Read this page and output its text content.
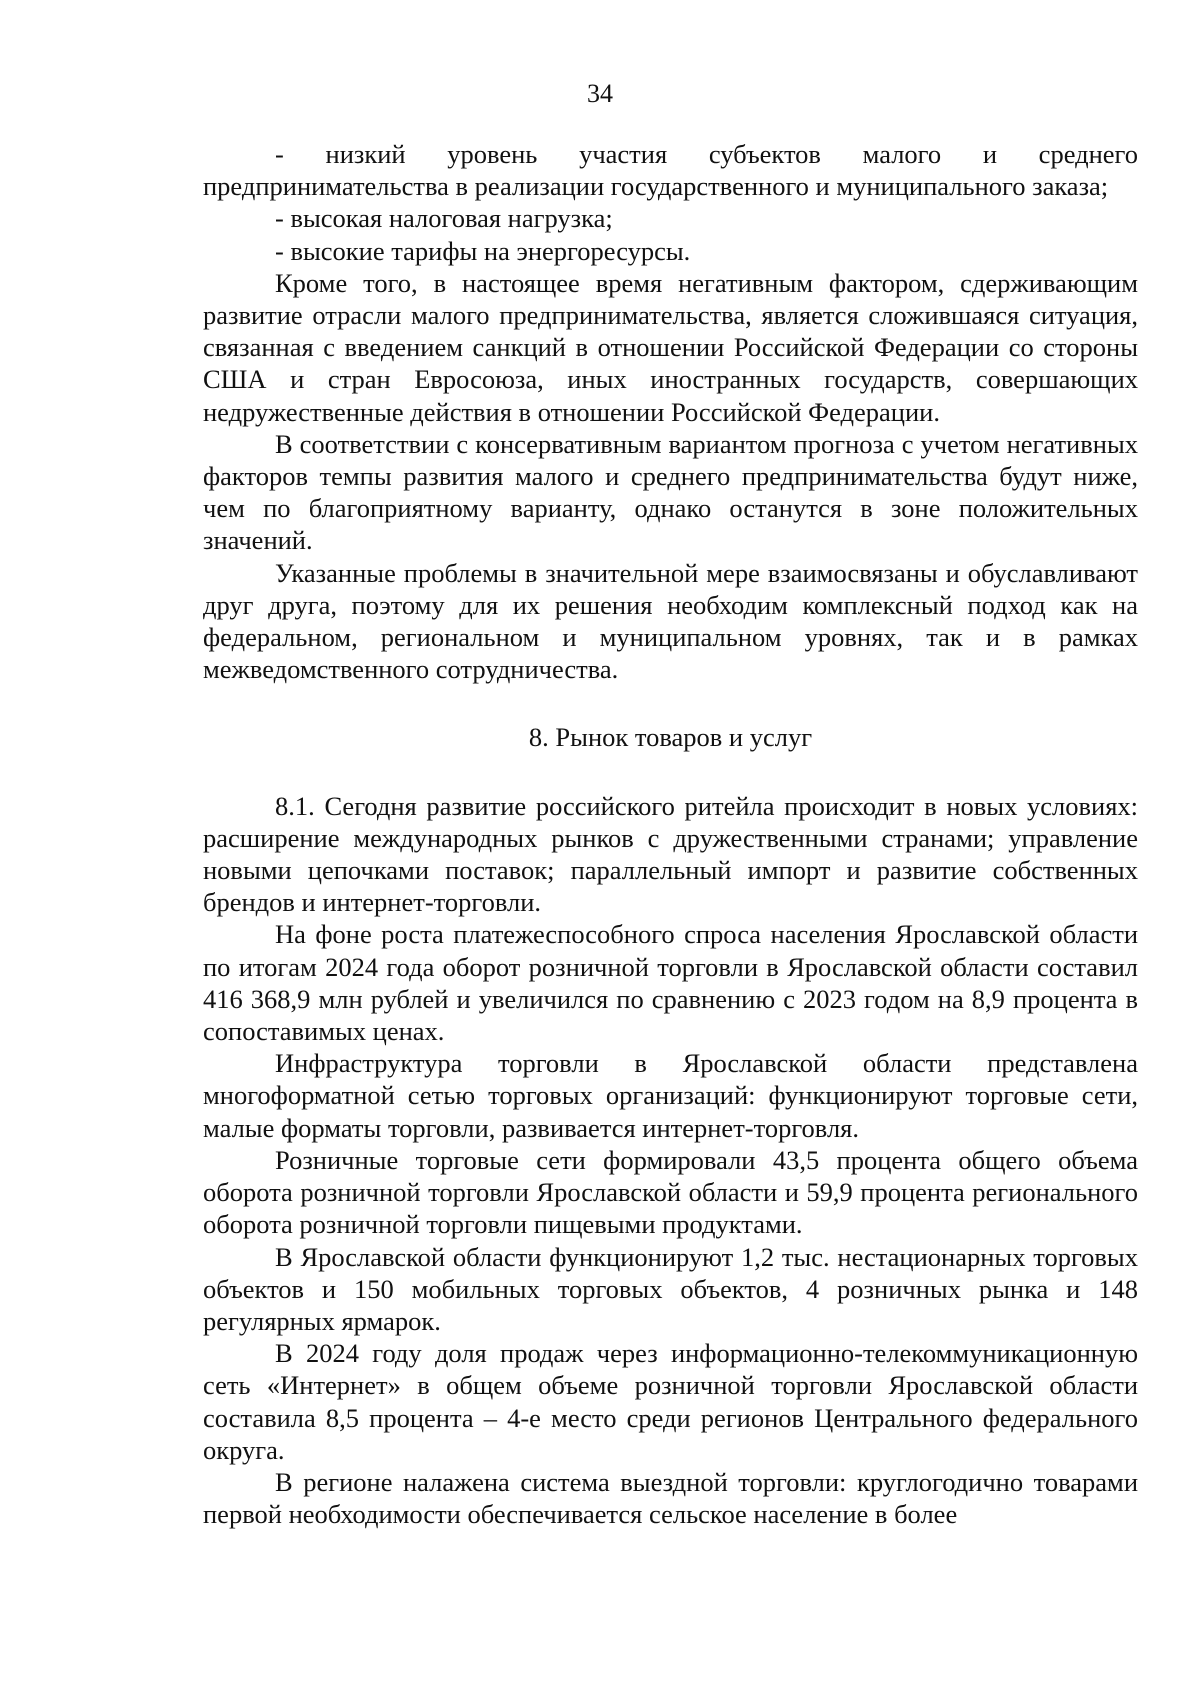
34

- низкий уровень участия субъектов малого и среднего предпринимательства в реализации государственного и муниципального заказа;

- высокая налоговая нагрузка;

- высокие тарифы на энергоресурсы.

Кроме того, в настоящее время негативным фактором, сдерживающим развитие отрасли малого предпринимательства, является сложившаяся ситуация, связанная с введением санкций в отношении Российской Федерации со стороны США и стран Евросоюза, иных иностранных государств, совершающих недружественные действия в отношении Российской Федерации.

В соответствии с консервативным вариантом прогноза с учетом негативных факторов темпы развития малого и среднего предпринимательства будут ниже, чем по благоприятному варианту, однако останутся в зоне положительных значений.

Указанные проблемы в значительной мере взаимосвязаны и обуславливают друг друга, поэтому для их решения необходим комплексный подход как на федеральном, региональном и муниципальном уровнях, так и в рамках межведомственного сотрудничества.

8. Рынок товаров и услуг

8.1. Сегодня развитие российского ритейла происходит в новых условиях: расширение международных рынков с дружественными странами; управление новыми цепочками поставок; параллельный импорт и развитие собственных брендов и интернет-торговли.

На фоне роста платежеспособного спроса населения Ярославской области по итогам 2024 года оборот розничной торговли в Ярославской области составил 416 368,9 млн рублей и увеличился по сравнению с 2023 годом на 8,9 процента в сопоставимых ценах.

Инфраструктура торговли в Ярославской области представлена многоформатной сетью торговых организаций: функционируют торговые сети, малые форматы торговли, развивается интернет-торговля.

Розничные торговые сети формировали 43,5 процента общего объема оборота розничной торговли Ярославской области и 59,9 процента регионального оборота розничной торговли пищевыми продуктами.

В Ярославской области функционируют 1,2 тыс. нестационарных торговых объектов и 150 мобильных торговых объектов, 4 розничных рынка и 148 регулярных ярмарок.

В 2024 году доля продаж через информационно-телекоммуникационную сеть «Интернет» в общем объеме розничной торговли Ярославской области составила 8,5 процента – 4-е место среди регионов Центрального федерального округа.

В регионе налажена система выездной торговли: круглогодично товарами первой необходимости обеспечивается сельское население в более
